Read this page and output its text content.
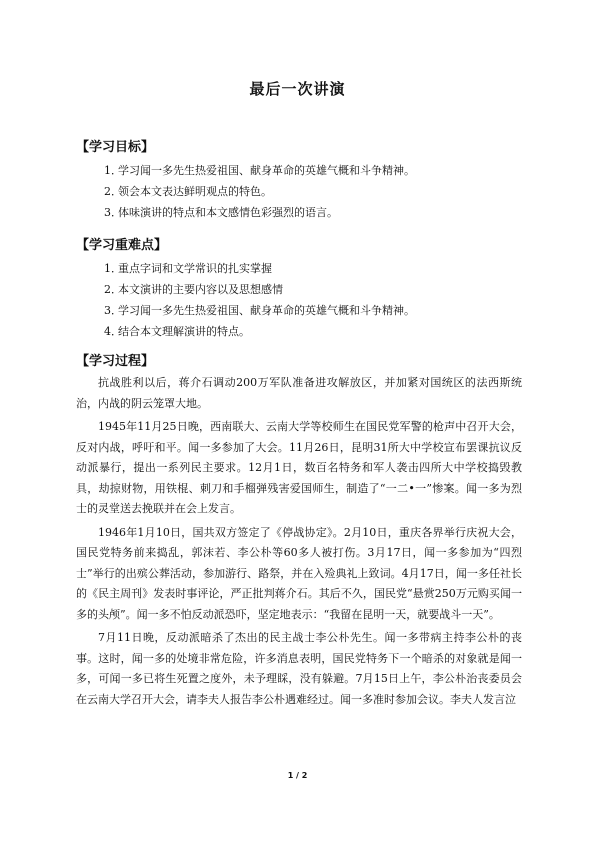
最后一次讲演
【学习目标】
1．学习闻一多先生热爱祖国、献身革命的英雄气概和斗争精神。
2．领会本文表达鲜明观点的特色。
3．体味演讲的特点和本文感情色彩强烈的语言。
【学习重难点】
1．重点字词和文学常识的扎实掌握
2．本文演讲的主要内容以及思想感情
3．学习闻一多先生热爱祖国、献身革命的英雄气概和斗争精神。
4．结合本文理解演讲的特点。
【学习过程】

抗战胜利以后，蒋介石调动200万军队准备进攻解放区，并加紧对国统区的法西斯统治，内战的阴云笼罩大地。

1945年11月25日晚，西南联大、云南大学等校师生在国民党军警的枪声中召开大会，反对内战，呼吁和平。闻一多参加了大会。11月26日，昆明31所大中学校宣布罢课抗议反动派暴行，提出一系列民主要求。12月1日，数百名特务和军人袭击四所大中学校捣毁教具，劫掠财物，用铁棍、刺刀和手榴弹残害爱国师生，制造了“一二•一”惨案。闻一多为烈士的灵堂送去挽联并在会上发言。

1946年1月10日，国共双方签定了《停战协定》。2月10日，重庆各界举行庆祝大会，国民党特务前来捣乱，郭沫若、李公朴等60多人被打伤。3月17日，闻一多参加为“四烈士”举行的出殡公葬活动，参加游行、路祭，并在入殓典礼上致词。4月17日，闻一多任社长的《民主周刊》发表时事评论，严正批判蒋介石。其后不久，国民党“悬赏250万元购买闻一多的头颅”。闻一多不怕反动派恐吓，坚定地表示：“我留在昆明一天，就要战斗一天”。

7月11日晚，反动派暗杀了杰出的民主战士李公朴先生。闻一多带病主持李公朴的丧事。这时，闻一多的处境非常危险，许多消息表明，国民党特务下一个暗杀的对象就是闻一多，可闻一多已将生死置之度外，未予理睬，没有躲避。7月15日上午，李公朴治丧委员会在云南大学召开大会，请李夫人报告李公朴遇难经过。闻一多准时参加会议。李夫人发言泣

1 / 2
